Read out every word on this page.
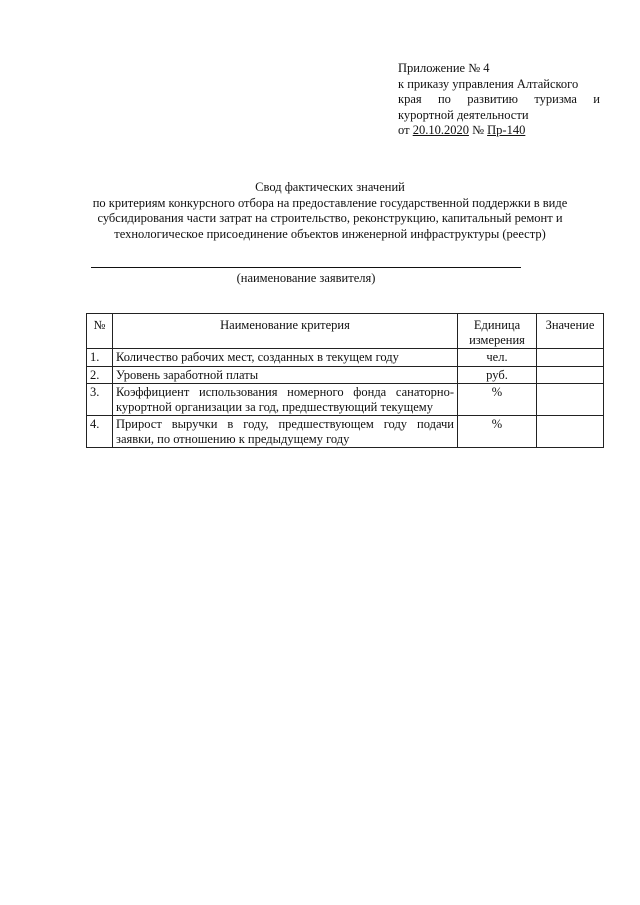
Приложение № 4
к приказу управления Алтайского
края по развитию туризма и
курортной деятельности
от 20.10.2020 № Пр-140
Свод фактических значений
по критериям конкурсного отбора на предоставление государственной поддержки в виде
субсидирования части затрат на строительство, реконструкцию, капитальный ремонт и
технологическое присоединение объектов инженерной инфраструктуры (реестр)
(наименование заявителя)
№	Наименование критерия	Единица измерения	Значение
1.	Количество рабочих мест, созданных в текущем году	чел.	
2.	Уровень заработной платы	руб.	
3.	Коэффициент использования номерного фонда санаторно-курортной организации за год, предшествующий текущему	%	
4.	Прирост выручки в году, предшествующем году подачи заявки, по отношению к предыдущему году	%	
